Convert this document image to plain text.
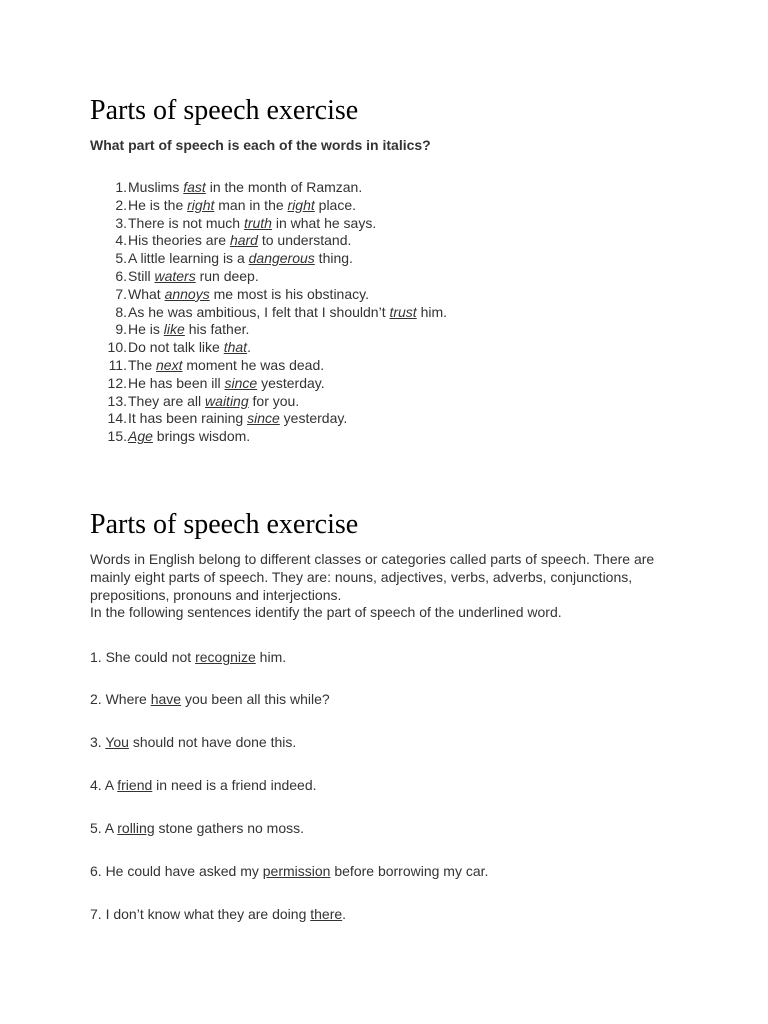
Parts of speech exercise

What part of speech is each of the words in italics?

1. Muslims fast in the month of Ramzan.
2. He is the right man in the right place.
3. There is not much truth in what he says.
4. His theories are hard to understand.
5. A little learning is a dangerous thing.
6. Still waters run deep.
7. What annoys me most is his obstinacy.
8. As he was ambitious, I felt that I shouldn’t trust him.
9. He is like his father.
10. Do not talk like that .
11. The next moment he was dead.
12. He has been ill since yesterday.
13. They are all waiting for you.
14. It has been raining since yesterday.
15. Age brings wisdom.
Parts of speech exercise

Words in English belong to different classes or categories called parts of speech. There are mainly eight parts of speech. They are: nouns, adjectives, verbs, adverbs, conjunctions, prepositions, pronouns and interjections.

In the following sentences identify the part of speech of the underlined word.

1. She could not recognize him.

2. Where have you been all this while?

3. You should not have done this.

4. A friend in need is a friend indeed.

5. A rolling stone gathers no moss.

6. He could have asked my permission before borrowing my car.

7. I don’t know what they are doing there.
